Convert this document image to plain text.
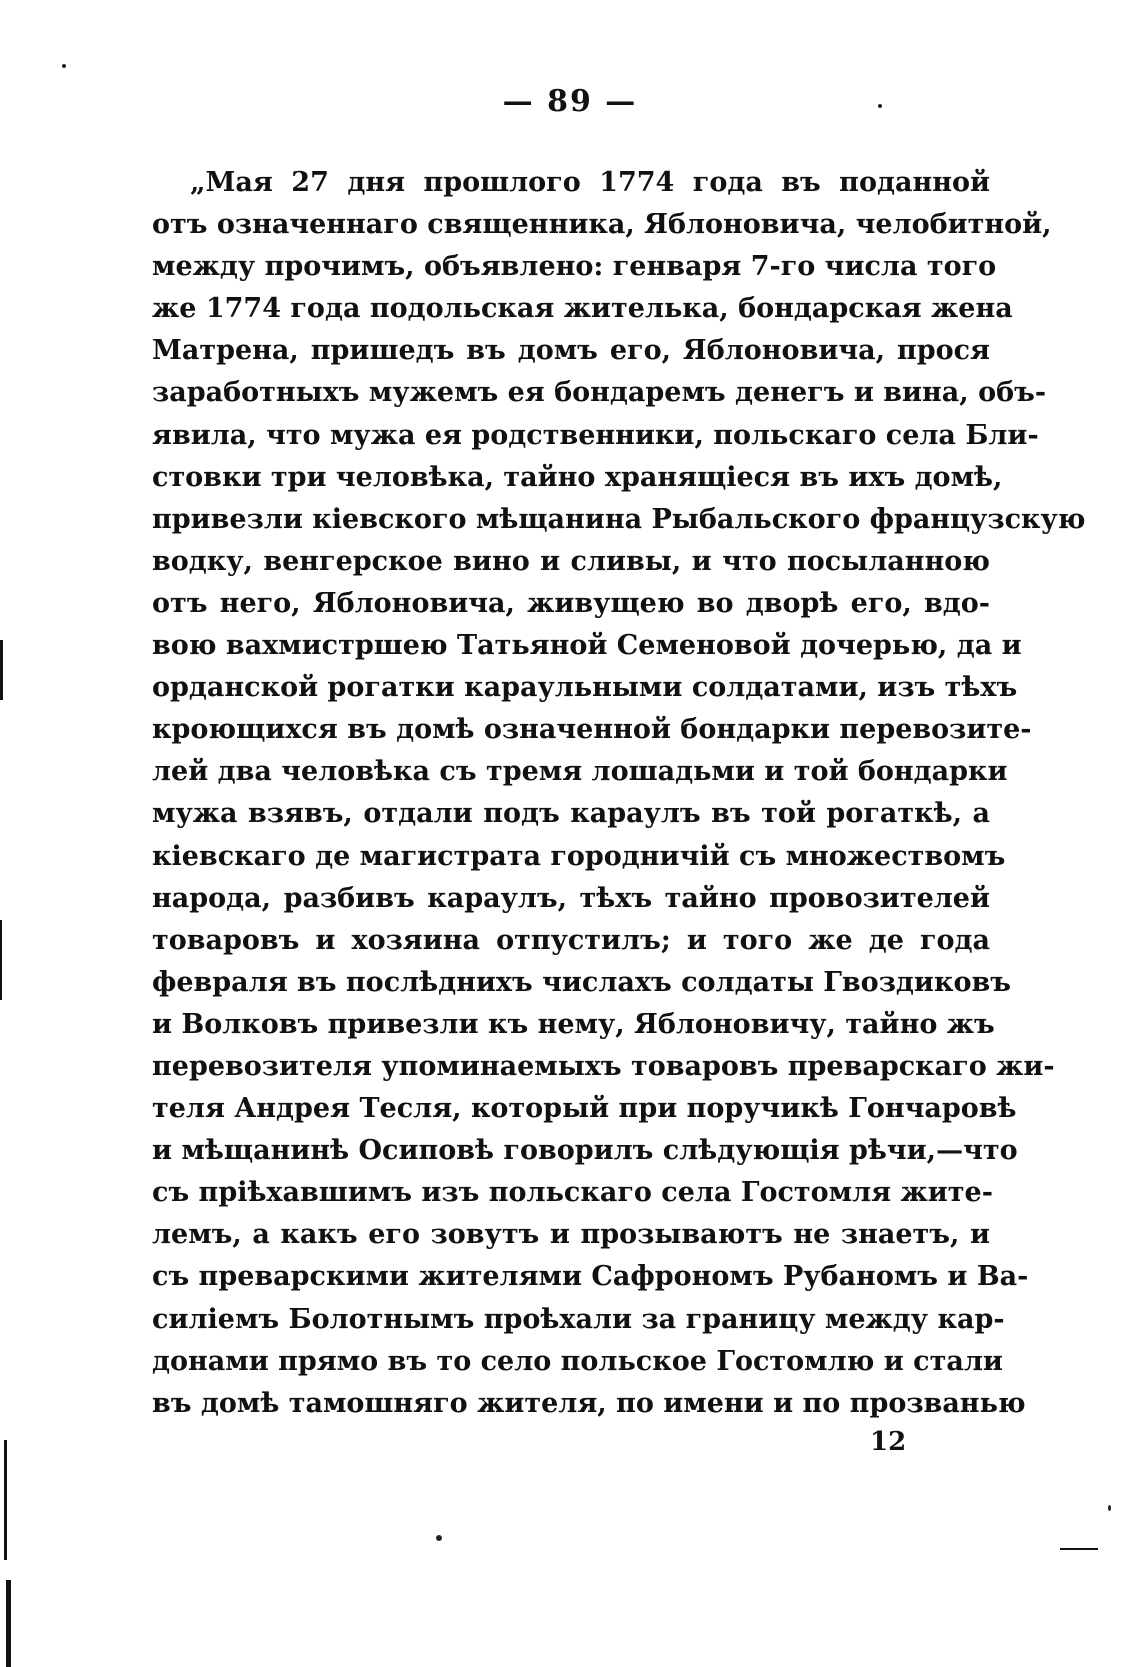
— 89 —
„Мая 27 дня прошлого 1774 года въ поданной
отъ означеннаго священника, Яблоновича, челобитной,
между прочимъ, объявлено: генваря 7-го числа того
же 1774 года подольская жителька, бондарская жена
Матрена, пришедъ въ домъ его, Яблоновича, прося
заработныхъ мужемъ ея бондаремъ денегъ и вина, объ-
явила, что мужа ея родственники, польскаго села Бли-
стовки три человѣка, тайно хранящіеся въ ихъ домѣ,
привезли кіевского мѣщанина Рыбальского французскую
водку, венгерское вино и сливы, и что посыланною
отъ него, Яблоновича, живущею во дворѣ его, вдо-
вою вахмистршею Татьяной Семеновой дочерью, да и
орданской рогатки караульными солдатами, изъ тѣхъ
кроющихся въ домѣ означенной бондарки перевозите-
лей два человѣка съ тремя лошадьми и той бондарки
мужа взявъ, отдали подъ караулъ въ той рогаткѣ, а
кіевскаго де магистрата городничій съ множествомъ
народа, разбивъ караулъ, тѣхъ тайно провозителей
товаровъ и хозяина отпустилъ; и того же де года
февраля въ послѣднихъ числахъ солдаты Гвоздиковъ
и Волковъ привезли къ нему, Яблоновичу, тайно жъ
перевозителя упоминаемыхъ товаровъ преварскаго жи-
теля Андрея Тесля, который при поручикѣ Гончаровѣ
и мѣщанинѣ Осиповѣ говорилъ слѣдующія рѣчи,—что
съ пріѣхавшимъ изъ польскаго села Гостомля жите-
лемъ, а какъ его зовутъ и прозываютъ не знаетъ, и
съ преварскими жителями Сафрономъ Рубаномъ и Ва-
силіемъ Болотнымъ проѣхали за границу между кар-
донами прямо въ то село польское Гостомлю и стали
въ домѣ тамошняго жителя, по имени и по прозванью
12
